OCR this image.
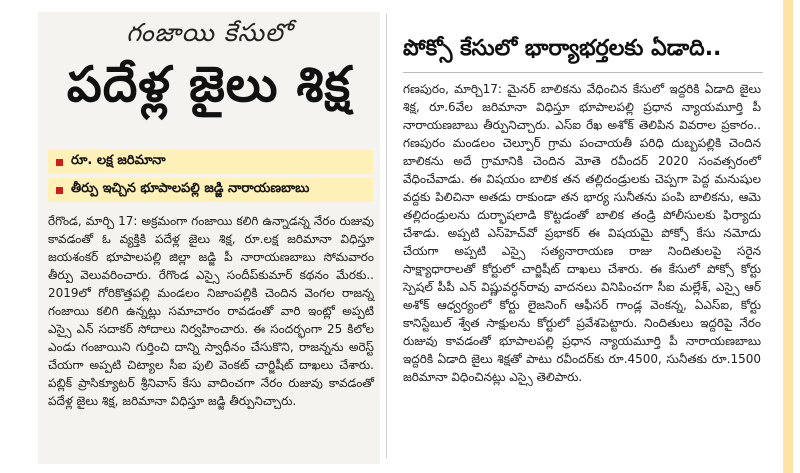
గంజాయి కేసులో
పదేళ్ల జైలు శిక్ష
రూ. లక్ష జరిమానా
తీర్పు ఇచ్చిన భూపాలపల్లి జడ్జి నారాయణబాబు
రేగొండ, మార్చి 17: అక్రమంగా గంజాయి కలిగి ఉన్నాడన్న నేరం రుజువు కావడంతో ఓ వ్యక్తికి పదేళ్ల జైలు శిక్ష, రూ.లక్ష జరిమానా విధిస్తూ జయశంకర్ భూపాలపల్లి జిల్లా జడ్జి పీ నారాయణబాబు సోమవారం తీర్పు వెలువరించారు. రేగొండ ఎస్సై సందీప్‌కుమార్ కథనం మేరకు.. 2019లో గోరికొత్తపల్లి మండలం నిజాంపల్లికి చెందిన వెంగల రాజన్న గంజాయి కలిగి ఉన్నట్లు సమాచారం రావడంతో వారి ఇంట్లో అప్పటి ఎస్సై ఎన్ సదాకర్ సోదాలు నిర్వహించారు. ఈ సందర్భంగా 25 కిలోల ఎండు గంజాయిని గుర్తించి దాన్ని స్వాధీనం చేసుకొని, రాజన్నను అరెస్ట్ చేయగా అప్పటి చిట్యాల సీఐ పులి వెంకట్ చార్జిషీట్ దాఖలు చేశారు. పబ్లిక్ ప్రాసిక్యూటర్ శ్రీనివాస్ కేసు వాదించగా నేరం రుజువు కావడంతో పదేళ్ల జైలు శిక్ష, జరిమానా విధిస్తూ జడ్జి తీర్పునిచ్చారు.
పోక్సో కేసులో భార్యాభర్తలకు ఏడాది..
గణపురం, మార్చి17: మైనర్ బాలికను వేధించిన కేసులో ఇద్దరికి ఏడాది జైలు శిక్ష, రూ.6వేల జరిమానా విధిస్తూ భూపాలపల్లి ప్రధాన న్యాయమూర్తి పీ నారాయణబాబు తీర్పునిచ్చారు. ఎస్ఐ రేఖ అశోక్ తెలిపిన వివరాల ప్రకారం.. గణపురం మండలం చెల్పూర్ గ్రామ పంచాయతీ పరిధి దుబ్బపల్లికి చెందిన బాలికను అదే గ్రామానికి చెందిన మోతె రవీందర్ 2020 సంవత్సరంలో వేధించేవాడు. ఈ విషయం బాలిక తన తల్లిదండ్రులకు చెప్పగా పెద్ద మనుషుల వద్దకు పిలిచినా అతడు రాకుండా తన భార్య సునీతను పంపి బాలికను, ఆమె తల్లిదండ్రులను దుర్భాషలాడి కొట్టడంతో బాలిక తండ్రి పోలీసులకు ఫిర్యాదు చేశాడు. అప్పటి ఎస్‌హెచ్‌వో ప్రభాకర్ ఈ విషయమై పోక్సో కేసు నమోదు చేయగా అప్పటి ఎస్సై సత్యనారాయణ రాజు నిందితులపై సరైన సాక్ష్యాధారాలతో కోర్టులో చార్జిషీట్ దాఖలు చేశారు. ఈ కేసులో పోక్సో కోర్టు స్పెషల్ పీపీ ఎన్ విష్ణువర్ధన్‌రావు వాదనలు వినిపించగా సీఐ మల్లేశ్, ఎస్సై ఆర్ అశోక్ ఆధ్వర్యంలో కోర్టు లైజనింగ్ ఆఫీసర్ గాండ్ల వెంకన్న, ఏఎస్ఐ, కోర్టు కానిస్టేబుల్ శ్వేత సాక్షులను కోర్టులో ప్రవేశపెట్టారు. నిందితులు ఇద్దరిపై నేరం రుజువు కావడంతో భూపాలపల్లి ప్రధాన న్యాయమూర్తి పీ నారాయణబాబు ఇద్దరికి ఏడాది జైలు శిక్షతో పాటు రవీందర్‌కు రూ.4500, సునీతకు రూ.1500 జరిమానా విధించినట్లు ఎస్సై తెలిపారు.
